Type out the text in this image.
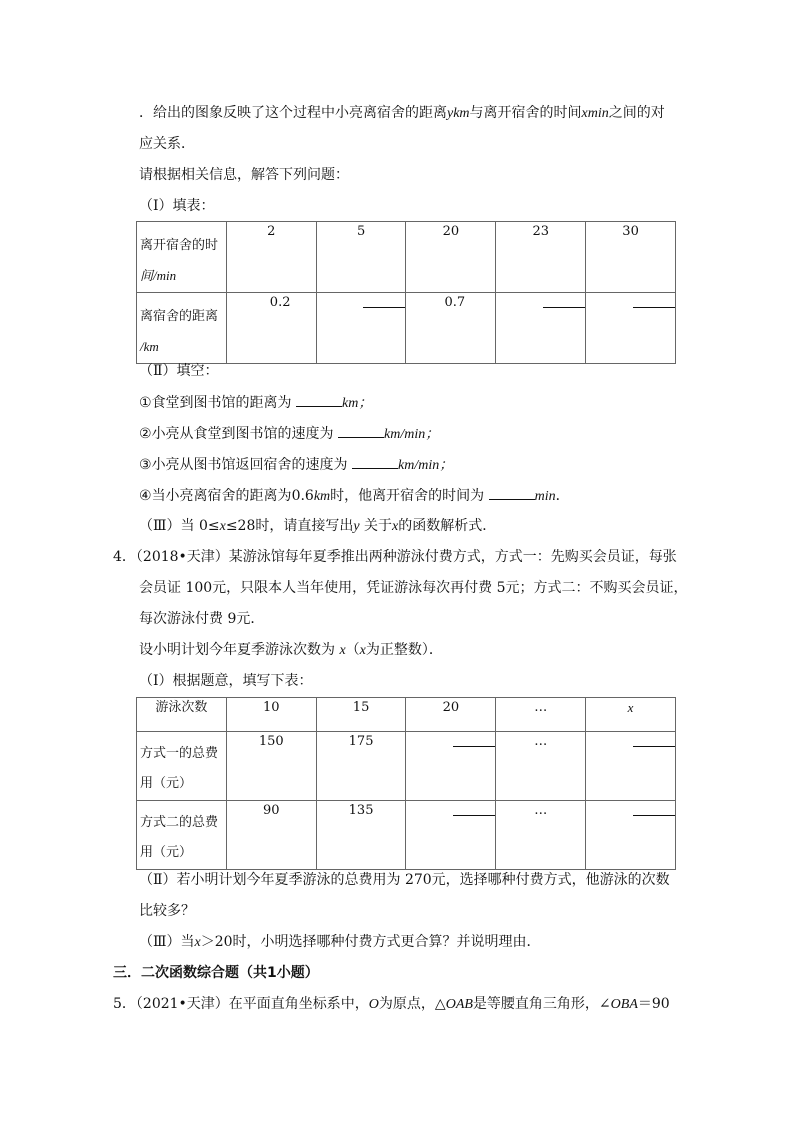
．给出的图象反映了这个过程中小亮离宿舍的距离ykm与离开宿舍的时间xmin之间的对
应关系．
请根据相关信息，解答下列问题：
（Ⅰ）填表：
离开宿舍的时
间/min	2	5	20	23	30

离宿舍的距离
/km	0.2		0.7		
（Ⅱ）填空：
①食堂到图书馆的距离为	km；
②小亮从食堂到图书馆的速度为	km/min；
③小亮从图书馆返回宿舍的速度为	km/min；
④当小亮离宿舍的距离为0.6km时，他离开宿舍的时间为	min．
（Ⅲ）当 0≤x≤28时，请直接写出y 关于x的函数解析式．
4．（2018•天津）某游泳馆每年夏季推出两种游泳付费方式，方式一：先购买会员证，每张
会员证 100元，只限本人当年使用，凭证游泳每次再付费 5元；方式二：不购买会员证，
每次游泳付费 9元．
设小明计划今年夏季游泳次数为 x（x为正整数）．
（Ⅰ）根据题意，填写下表：
游泳次数	10	15	20	…	x

方式一的总费
用（元）	150	175		…	

方式二的总费
用（元）	90	135		…	
（Ⅱ）若小明计划今年夏季游泳的总费用为 270元，选择哪种付费方式，他游泳的次数
比较多？
（Ⅲ）当x＞20时，小明选择哪种付费方式更合算？并说明理由．
三．二次函数综合题（共1小题）
5．（2021•天津）在平面直角坐标系中，O为原点，△OAB是等腰直角三角形，∠OBA＝90
